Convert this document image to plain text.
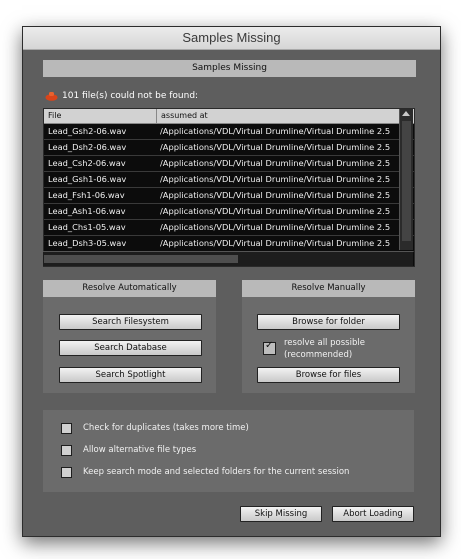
Samples Missing
Samples Missing
101 file(s) could not be found:
File	assumed at
Lead_Gsh2-06.wav	/Applications/VDL/Virtual Drumline/Virtual Drumline 2.5
Lead_Dsh2-06.wav	/Applications/VDL/Virtual Drumline/Virtual Drumline 2.5
Lead_Csh2-06.wav	/Applications/VDL/Virtual Drumline/Virtual Drumline 2.5
Lead_Gsh1-06.wav	/Applications/VDL/Virtual Drumline/Virtual Drumline 2.5
Lead_Fsh1-06.wav	/Applications/VDL/Virtual Drumline/Virtual Drumline 2.5
Lead_Ash1-06.wav	/Applications/VDL/Virtual Drumline/Virtual Drumline 2.5
Lead_Chs1-05.wav	/Applications/VDL/Virtual Drumline/Virtual Drumline 2.5
Lead_Dsh3-05.wav	/Applications/VDL/Virtual Drumline/Virtual Drumline 2.5
Resolve Automatically
Search Filesystem
Search Database
Search Spotlight
Resolve Manually
Browse for folder
✓
resolve all possible
(recommended)
Browse for files
Check for duplicates (takes more time)
Allow alternative file types
Keep search mode and selected folders for the current session
Skip Missing	Abort Loading
